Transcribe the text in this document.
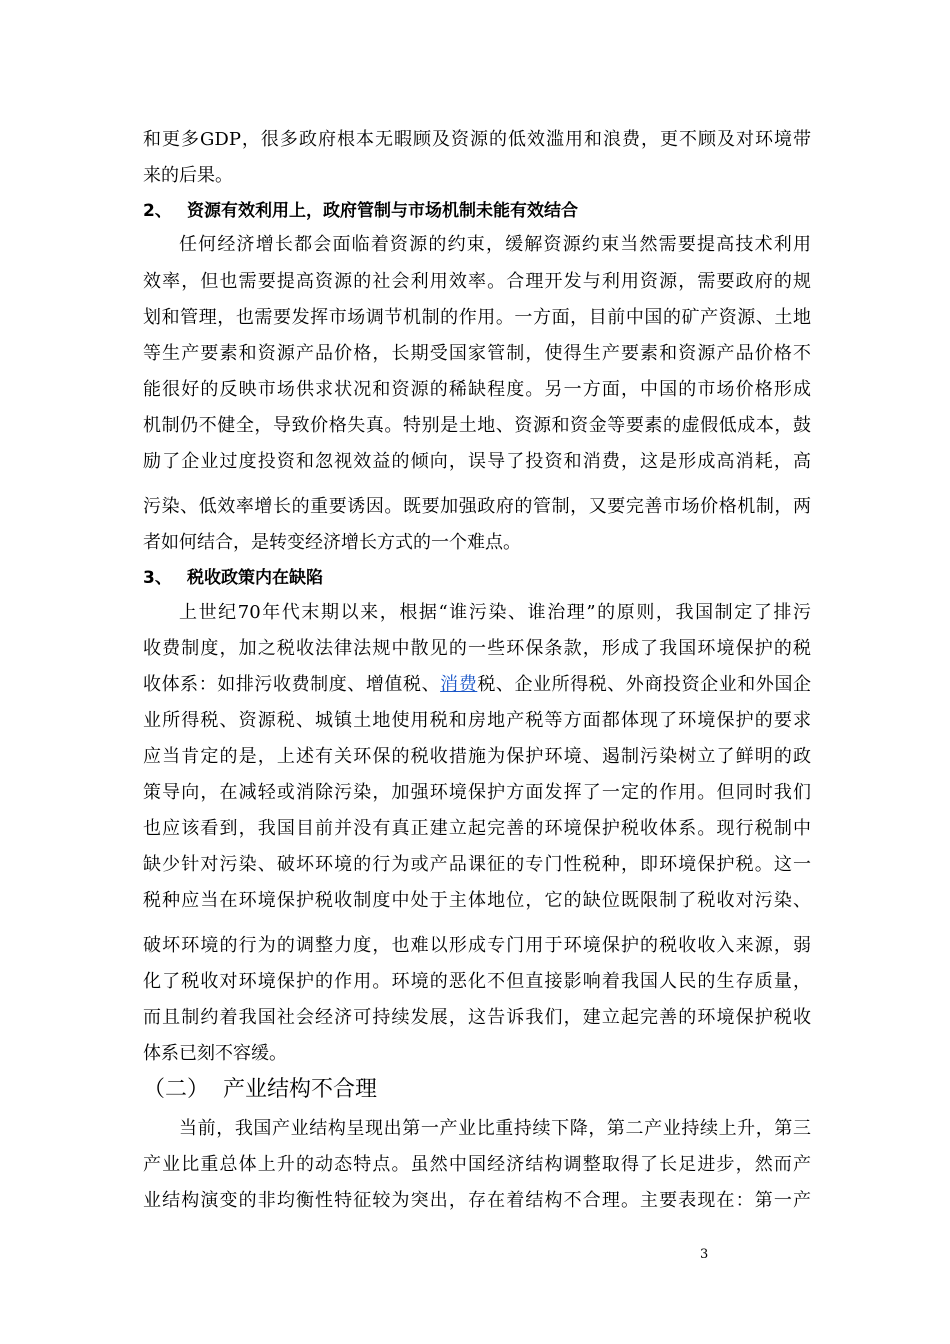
和更多GDP，很多政府根本无暇顾及资源的低效滥用和浪费，更不顾及对环境带
来的后果。
2、 资源有效利用上，政府管制与市场机制未能有效结合
任何经济增长都会面临着资源的约束，缓解资源约束当然需要提高技术利用
效率，但也需要提高资源的社会利用效率。合理开发与利用资源，需要政府的规
划和管理，也需要发挥市场调节机制的作用。一方面，目前中国的矿产资源、土地
等生产要素和资源产品价格，长期受国家管制，使得生产要素和资源产品价格不
能很好的反映市场供求状况和资源的稀缺程度。另一方面，中国的市场价格形成
机制仍不健全，导致价格失真。特别是土地、资源和资金等要素的虚假低成本，鼓
励了企业过度投资和忽视效益的倾向，误导了投资和消费，这是形成高消耗，高
污染、低效率增长的重要诱因。既要加强政府的管制，又要完善市场价格机制，两
者如何结合，是转变经济增长方式的一个难点。
3、 税收政策内在缺陷
上世纪70年代末期以来，根据“谁污染、谁治理”的原则，我国制定了排污
收费制度，加之税收法律法规中散见的一些环保条款，形成了我国环境保护的税
收体系：如排污收费制度、增值税、消费税、企业所得税、外商投资企业和外国企
业所得税、资源税、城镇土地使用税和房地产税等方面都体现了环境保护的要求
应当肯定的是，上述有关环保的税收措施为保护环境、遏制污染树立了鲜明的政
策导向，在减轻或消除污染，加强环境保护方面发挥了一定的作用。但同时我们
也应该看到，我国目前并没有真正建立起完善的环境保护税收体系。现行税制中
缺少针对污染、破坏环境的行为或产品课征的专门性税种，即环境保护税。这一
税种应当在环境保护税收制度中处于主体地位，它的缺位既限制了税收对污染、
破坏环境的行为的调整力度，也难以形成专门用于环境保护的税收收入来源，弱
化了税收对环境保护的作用。环境的恶化不但直接影响着我国人民的生存质量，
而且制约着我国社会经济可持续发展，这告诉我们，建立起完善的环境保护税收
体系已刻不容缓。
（二） 产业结构不合理
当前，我国产业结构呈现出第一产业比重持续下降，第二产业持续上升，第三
产业比重总体上升的动态特点。虽然中国经济结构调整取得了长足进步，然而产
业结构演变的非均衡性特征较为突出，存在着结构不合理。主要表现在：第一产
3
